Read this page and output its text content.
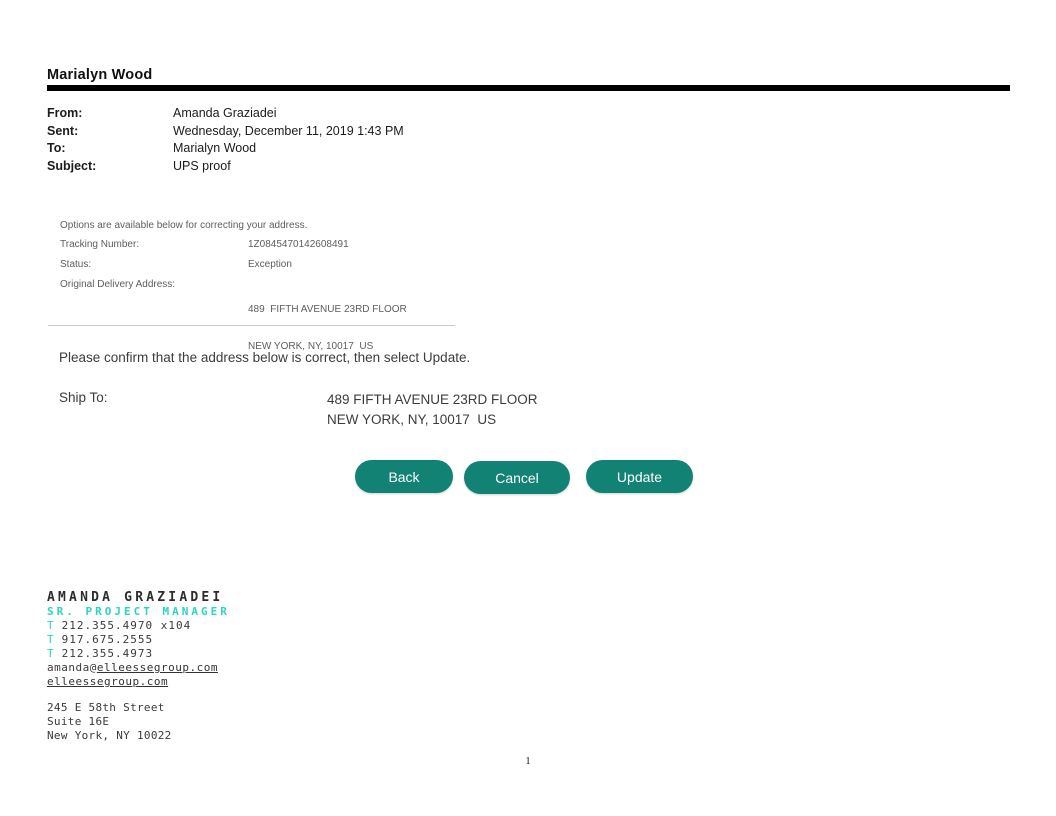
Marialyn Wood
From:	Amanda Graziadei
Sent:	Wednesday, December 11, 2019 1:43 PM
To:	Marialyn Wood
Subject:	UPS proof
Options are available below for correcting your address.
Tracking Number:	1Z0845470142608491
Status:	Exception
Original Delivery Address:

489  FIFTH AVENUE 23RD FLOOR

NEW YORK, NY, 10017  US

Please confirm that the address below is correct, then select Update.

Ship To:	489 FIFTH AVENUE 23RD FLOOR
NEW YORK, NY, 10017  US
Back	Cancel	Update
AMANDA GRAZIADEI
SR. PROJECT MANAGER
T 212.355.4970 x104
T 917.675.2555
T 212.355.4973
amanda@elleessegroup.com
elleessegroup.com
245 E 58th Street
Suite 16E
New York, NY 10022
1
